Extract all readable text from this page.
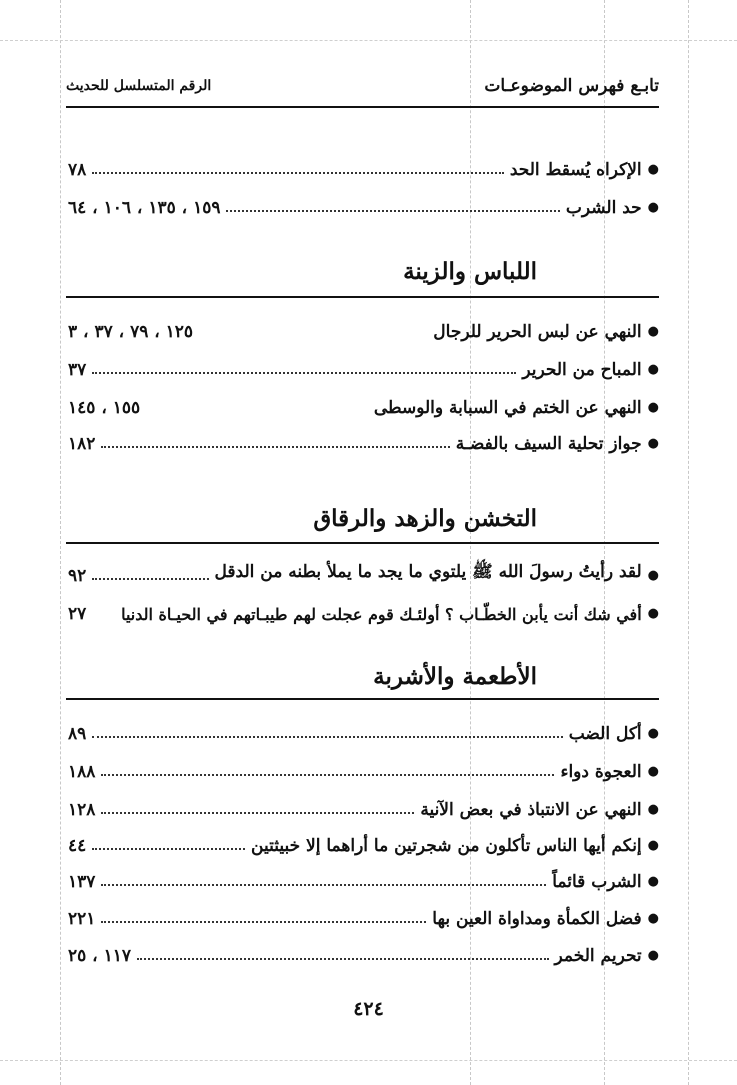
تابـع فهرس الموضوعـات
الرقم المتسلسل للحديث
٧٨	الإكراه يُسقط الحد ●
١٥٩ ، ١٣٥ ، ١٠٦ ، ٦٤	حد الشرب ●
اللباس والزينة
١٢٥ ، ٧٩ ، ٣٧ ، ٣	النهي عن لبس الحرير للرجال ●
٣٧	المباح من الحرير ●
١٥٥ ، ١٤٥	النهي عن الختم في السبابة والوسطى ●
١٨٢	جواز تحلية السيف بالفضـة ●
التخشن والزهد والرقاق
٩٢	لقد رأيتُ رسولَ الله ﷺ يلتوي ما يجد ما يملأ بطنه من الدقل ●
٢٧ أفي شك أنت يأبن الخطّـاب ؟ أولئـك قوم عجلت لهم طيبـاتهم في الحيـاة الدنيا ●
الأطعمة والأشربة
٨٩	أكل الضب ●
١٨٨	العجوة دواء ●
١٢٨	النهي عن الانتباذ في بعض الآنية ●
٤٤	إنكم أيها الناس تأكلون من شجرتين ما أراهما إلا خبيثتين ●
١٣٧	الشرب قائماً ●
٢٢١	فضل الكمأة ومداواة العين بها ●
١١٧ ، ٢٥	تحريم الخمر ●
٤٢٤
